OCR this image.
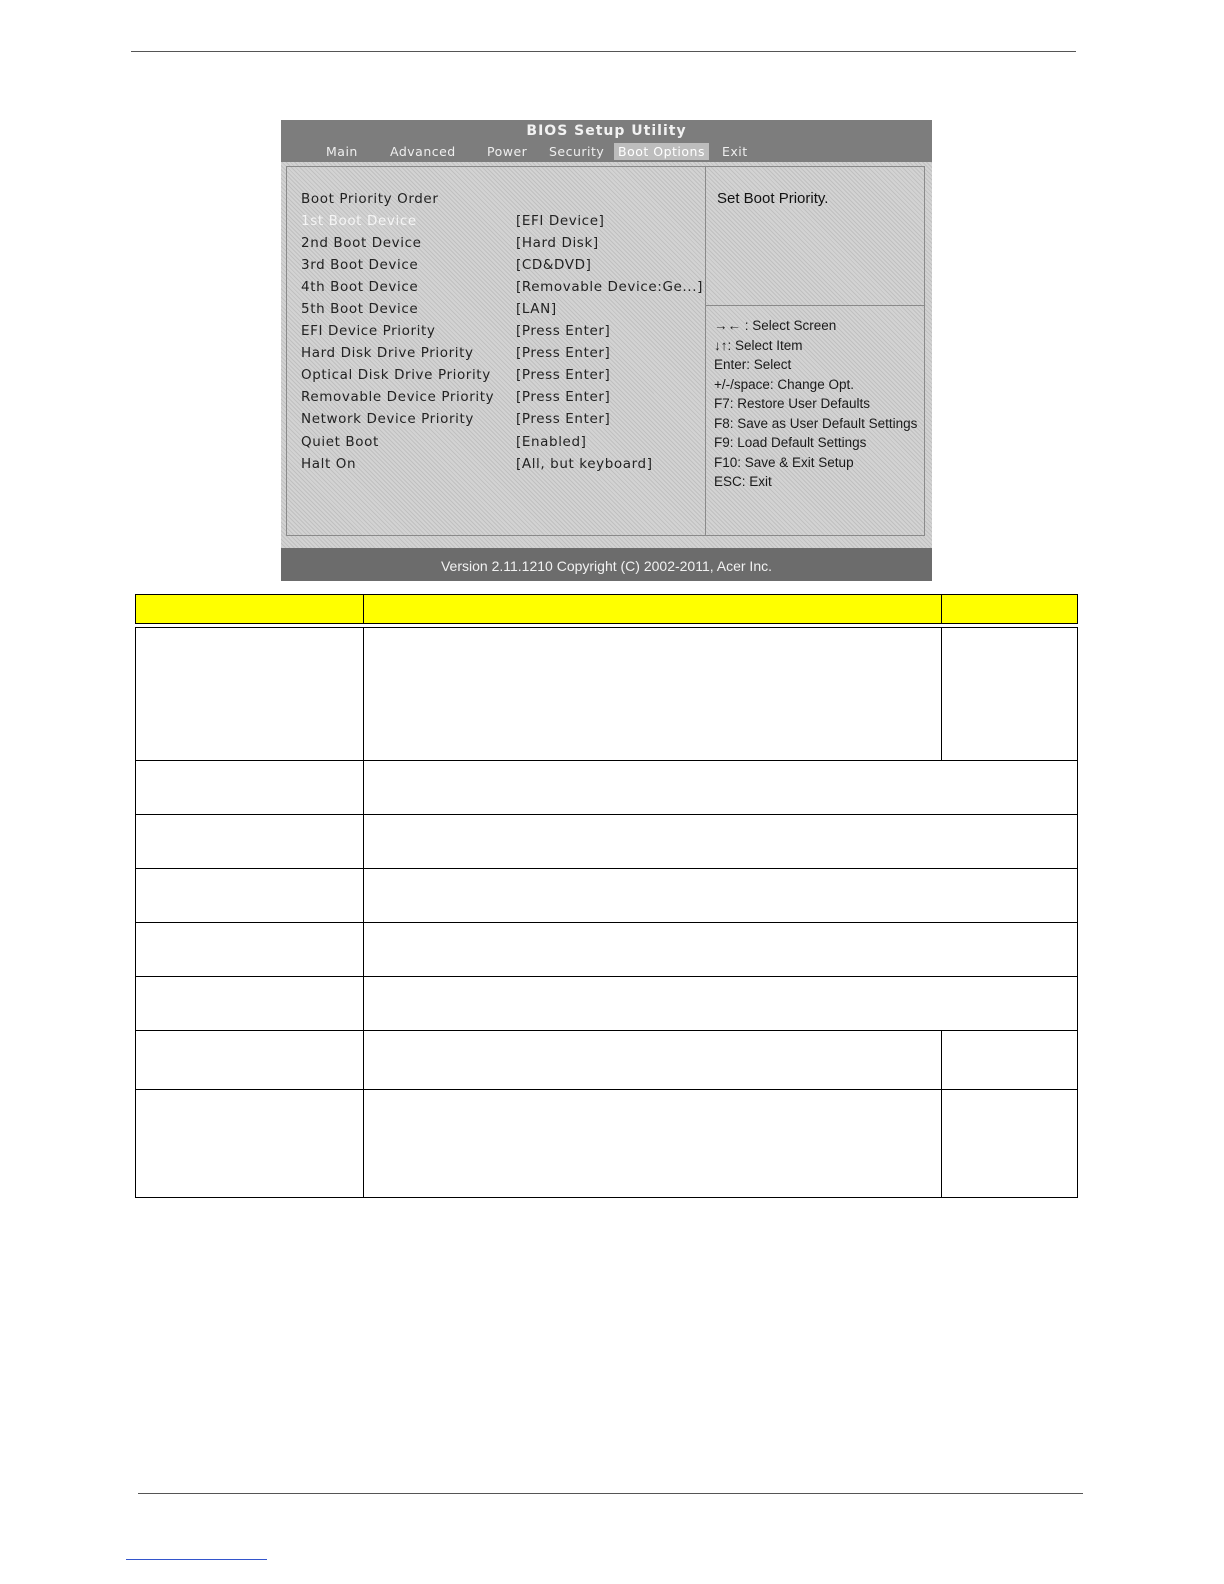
BIOS Setup Utility
Main	Advanced	Power	Security	Boot Options	Exit
Boot Priority Order
1st Boot Device	[EFI Device]
2nd Boot Device	[Hard Disk]
3rd Boot Device	[CD&DVD]
4th Boot Device	[Removable Device:Ge...]
5th Boot Device	[LAN]
EFI Device Priority	[Press Enter]
Hard Disk Drive Priority	[Press Enter]
Optical Disk Drive Priority [Press Enter]
Removable Device Priority [Press Enter]
Network Device Priority	[Press Enter]
Quiet Boot	[Enabled]
Halt On	[All, but keyboard]
Set Boot Priority.
→← : Select Screen
↓↑: Select Item
Enter: Select
+/-/space: Change Opt.
F7: Restore User Defaults
F8: Save as User Default Settings
F9: Load Default Settings
F10: Save & Exit Setup
ESC: Exit
Version 2.11.1210 Copyright (C) 2002-2011, Acer Inc.
